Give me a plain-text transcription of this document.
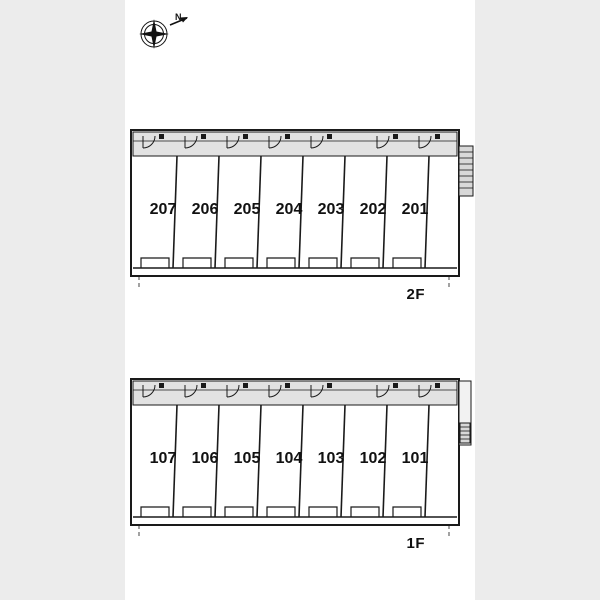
N
207 206 205 204 203 202 201
2F
107 106 105 104 103 102 101
1F
